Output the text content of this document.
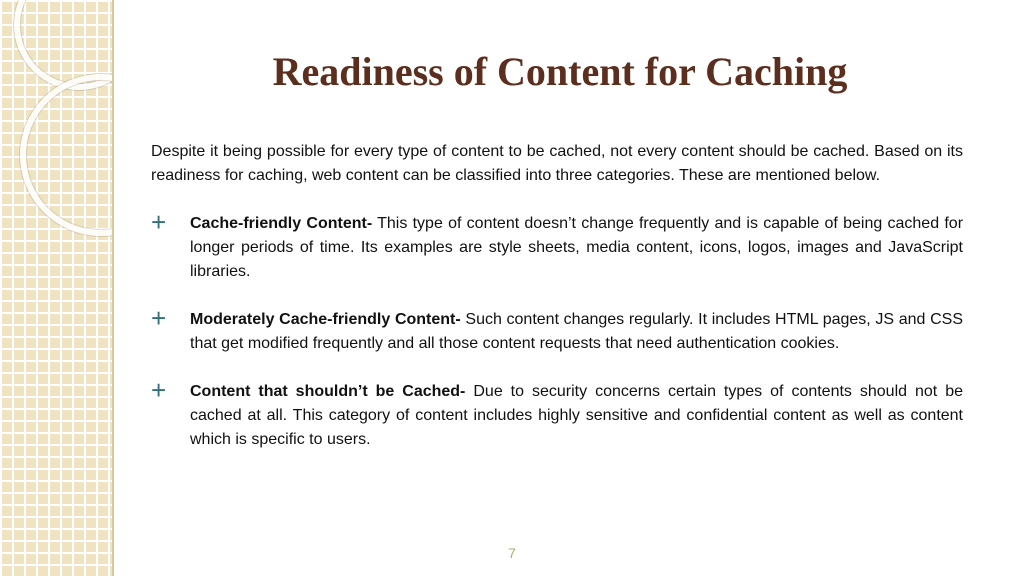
Readiness of Content for Caching

Despite it being possible for every type of content to be cached, not every content should be cached. Based on its readiness for caching, web content can be classified into three categories. These are mentioned below.

+ Cache-friendly Content- This type of content doesn’t change frequently and is capable of being cached for longer periods of time. Its examples are style sheets, media content, icons, logos, images and JavaScript libraries.

+ Moderately Cache-friendly Content- Such content changes regularly. It includes HTML pages, JS and CSS that get modified frequently and all those content requests that need authentication cookies.

+ Content that shouldn’t be Cached- Due to security concerns certain types of contents should not be cached at all. This category of content includes highly sensitive and confidential content as well as content which is specific to users.

7
